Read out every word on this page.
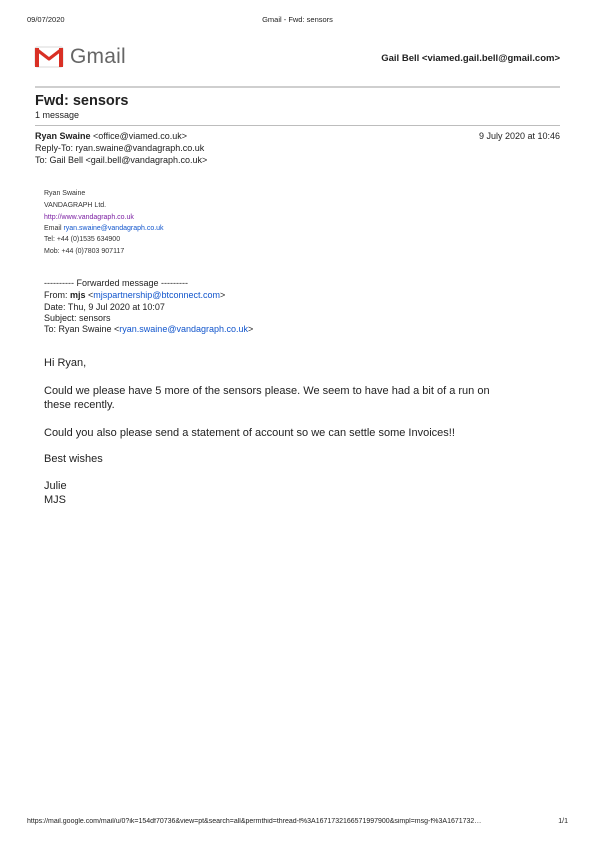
09/07/2020	Gmail - Fwd: sensors
Gmail	Gail Bell <viamed.gail.bell@gmail.com>
Fwd: sensors
1 message
Ryan Swaine <office@viamed.co.uk>	9 July 2020 at 10:46
Reply-To: ryan.swaine@vandagraph.co.uk
To: Gail Bell <gail.bell@vandagraph.co.uk>
Ryan Swaine
VANDAGRAPH Ltd.
http://www.vandagraph.co.uk
Email ryan.swaine@vandagraph.co.uk
Tel: +44 (0)1535 634900
Mob: +44 (0)7803 907117
---------- Forwarded message ---------
From: mjs <mjspartnership@btconnect.com>
Date: Thu, 9 Jul 2020 at 10:07
Subject: sensors
To: Ryan Swaine <ryan.swaine@vandagraph.co.uk>
Hi Ryan,
Could we please have 5 more of the sensors please. We seem to have had a bit of a run on
these recently.
Could you also please send a statement of account so we can settle some Invoices!!
Best wishes
Julie
MJS
https://mail.google.com/mail/u/0?ik=154df70736&view=pt&search=all&permthid=thread-f%3A1671732166571997900&simpl=msg-f%3A1671732…	1/1
